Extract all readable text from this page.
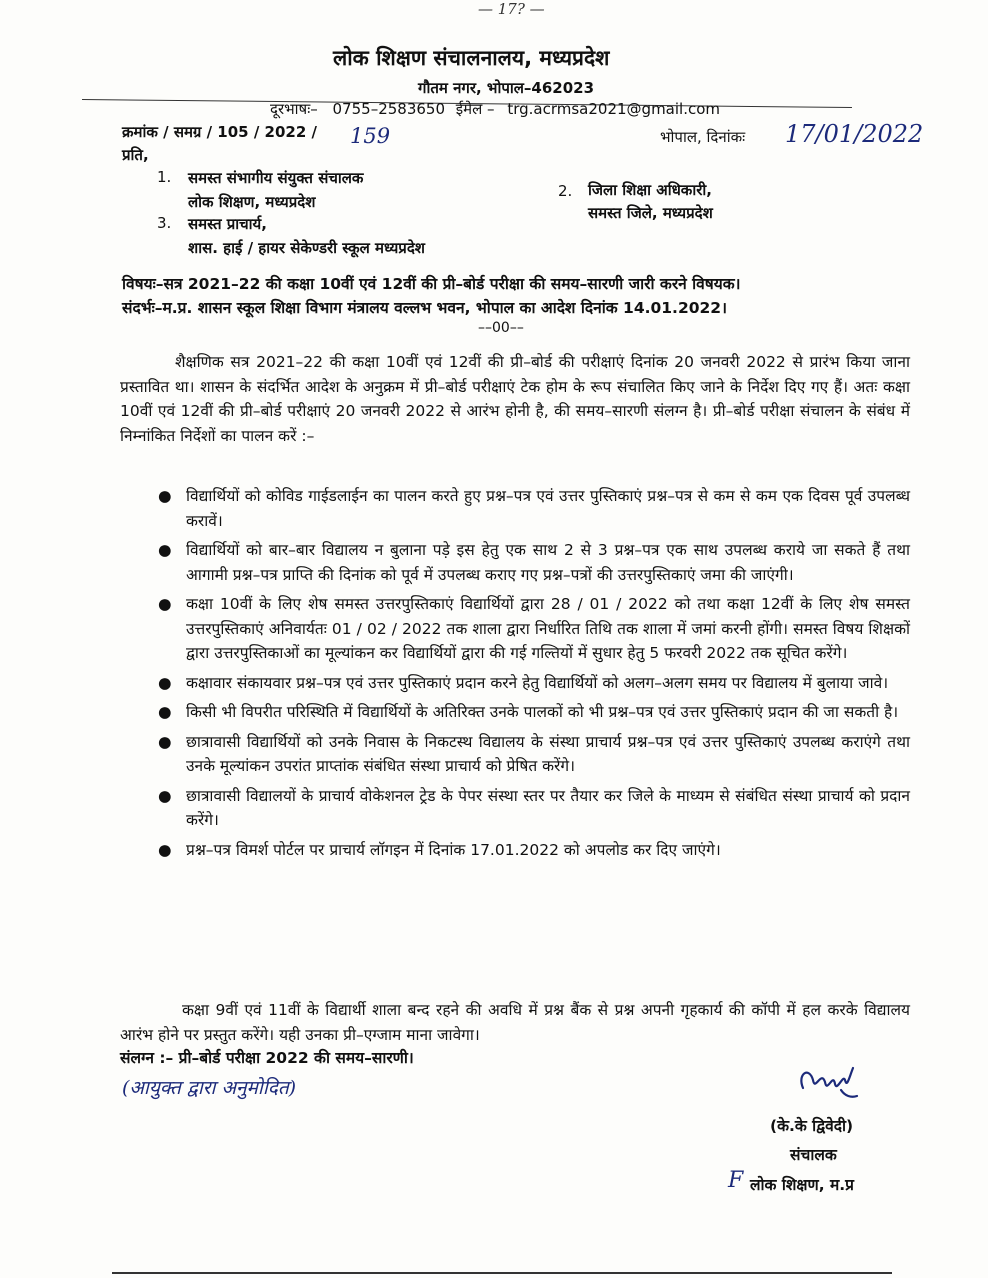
— 17? —
लोक शिक्षण संचालनालय, मध्यप्रदेश
गौतम नगर, भोपाल–462023
दूरभाषः– 0755–2583650 ईमेल – trg.acrmsa2021@gmail.com
क्रमांक / समग्र / 105 / 2022 / 159	भोपाल, दिनांकः 17/01/2022
प्रति,
1. समस्त संभागीय संयुक्त संचालक
लोक शिक्षण, मध्यप्रदेश
2. जिला शिक्षा अधिकारी,
समस्त जिले, मध्यप्रदेश
3. समस्त प्राचार्य,
शास. हाई / हायर सेकेण्डरी स्कूल मध्यप्रदेश
विषयः–सत्र 2021–22 की कक्षा 10वीं एवं 12वीं की प्री–बोर्ड परीक्षा की समय–सारणी जारी करने विषयक।
संदर्भः–म.प्र. शासन स्कूल शिक्षा विभाग मंत्रालय वल्लभ भवन, भोपाल का आदेश दिनांक 14.01.2022।
––00––
शैक्षणिक सत्र 2021–22 की कक्षा 10वीं एवं 12वीं की प्री–बोर्ड की परीक्षाएं दिनांक 20 जनवरी 2022 से प्रारंभ किया जाना प्रस्तावित था। शासन के संदर्भित आदेश के अनुक्रम में प्री–बोर्ड परीक्षाएं टेक होम के रूप संचालित किए जाने के निर्देश दिए गए हैं। अतः कक्षा 10वीं एवं 12वीं की प्री–बोर्ड परीक्षाएं 20 जनवरी 2022 से आरंभ होनी है, की समय–सारणी संलग्न है। प्री–बोर्ड परीक्षा संचालन के संबंध में निम्नांकित निर्देशों का पालन करें :–
● विद्यार्थियों को कोविड गाईडलाईन का पालन करते हुए प्रश्न–पत्र एवं उत्तर पुस्तिकाएं प्रश्न–पत्र से कम से कम एक दिवस पूर्व उपलब्ध करावें।
● विद्यार्थियों को बार–बार विद्यालय न बुलाना पड़े इस हेतु एक साथ 2 से 3 प्रश्न–पत्र एक साथ उपलब्ध कराये जा सकते हैं तथा आगामी प्रश्न–पत्र प्राप्ति की दिनांक को पूर्व में उपलब्ध कराए गए प्रश्न–पत्रों की उत्तरपुस्तिकाएं जमा की जाएंगी।
● कक्षा 10वीं के लिए शेष समस्त उत्तरपुस्तिकाएं विद्यार्थियों द्वारा 28 / 01 / 2022 को तथा कक्षा 12वीं के लिए शेष समस्त उत्तरपुस्तिकाएं अनिवार्यतः 01 / 02 / 2022 तक शाला द्वारा निर्धारित तिथि तक शाला में जमां करनी होंगी। समस्त विषय शिक्षकों द्वारा उत्तरपुस्तिकाओं का मूल्यांकन कर विद्यार्थियों द्वारा की गई गल्तियों में सुधार हेतु 5 फरवरी 2022 तक सूचित करेंगे।
● कक्षावार संकायवार प्रश्न–पत्र एवं उत्तर पुस्तिकाएं प्रदान करने हेतु विद्यार्थियों को अलग–अलग समय पर विद्यालय में बुलाया जावे।
● किसी भी विपरीत परिस्थिति में विद्यार्थियों के अतिरिक्त उनके पालकों को भी प्रश्न–पत्र एवं उत्तर पुस्तिकाएं प्रदान की जा सकती है।
● छात्रावासी विद्यार्थियों को उनके निवास के निकटस्थ विद्यालय के संस्था प्राचार्य प्रश्न–पत्र एवं उत्तर पुस्तिकाएं उपलब्ध कराएंगे तथा उनके मूल्यांकन उपरांत प्राप्तांक संबंधित संस्था प्राचार्य को प्रेषित करेंगे।
● छात्रावासी विद्यालयों के प्राचार्य वोकेशनल ट्रेड के पेपर संस्था स्तर पर तैयार कर जिले के माध्यम से संबंधित संस्था प्राचार्य को प्रदान करेंगे।
● प्रश्न–पत्र विमर्श पोर्टल पर प्राचार्य लॉगइन में दिनांक 17.01.2022 को अपलोड कर दिए जाएंगे।
कक्षा 9वीं एवं 11वीं के विद्यार्थी शाला बन्द रहने की अवधि में प्रश्न बैंक से प्रश्न अपनी गृहकार्य की कॉपी में हल करके विद्यालय आरंभ होने पर प्रस्तुत करेंगे। यही उनका प्री–एग्जाम माना जावेगा।
संलग्न :– प्री–बोर्ड परीक्षा 2022 की समय–सारणी।
(आयुक्त द्वारा अनुमोदित)
(के.के द्विवेदी)
संचालक
F लोक शिक्षण, म.प्र
